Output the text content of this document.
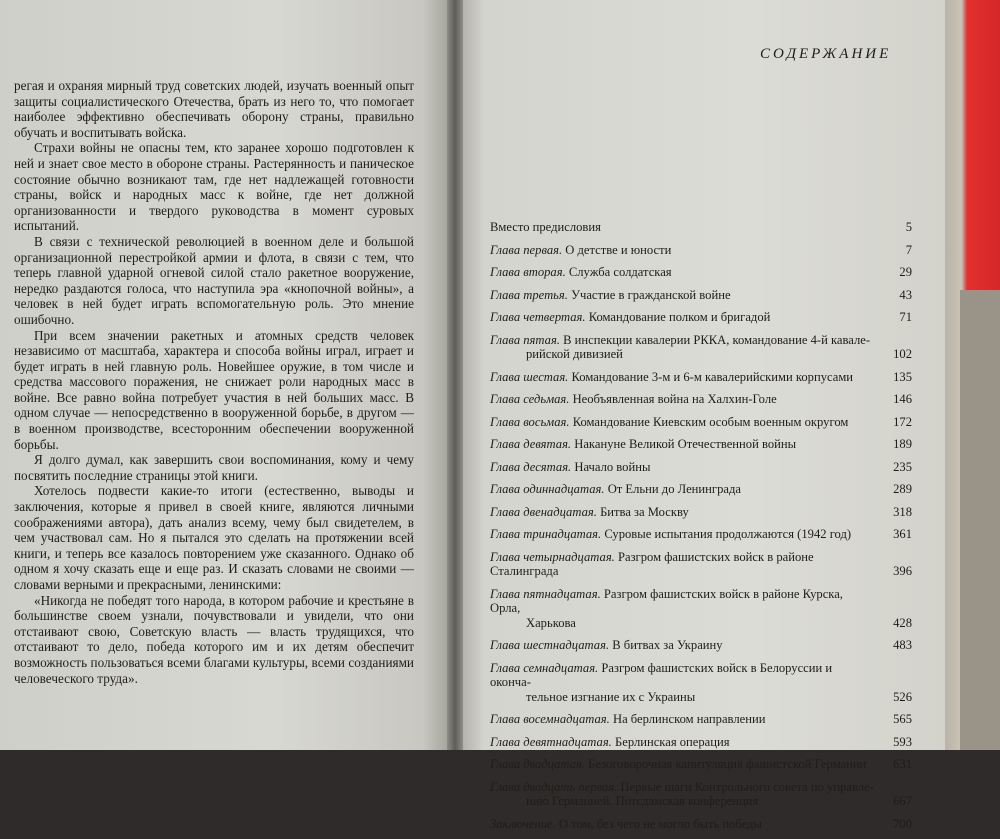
регая и охраняя мирный труд советских людей, изучать военный опыт защиты социалистического Отечества, брать из него то, что помогает наиболее эффективно обеспечивать оборону страны, правильно обучать и воспитывать войска.

Страхи войны не опасны тем, кто заранее хорошо подготовлен к ней и знает свое место в обороне страны. Растерянность и паническое состояние обычно возникают там, где нет надлежащей готовности страны, войск и народных масс к войне, где нет должной организованности и твердого руководства в момент суровых испытаний.

В связи с технической революцией в военном деле и большой организационной перестройкой армии и флота, в связи с тем, что теперь главной ударной огневой силой стало ракетное вооружение, нередко раздаются голоса, что наступила эра «кнопочной войны», а человек в ней будет играть вспомогательную роль. Это мнение ошибочно.

При всем значении ракетных и атомных средств человек независимо от масштаба, характера и способа войны играл, играет и будет играть в ней главную роль. Новейшее оружие, в том числе и средства массового поражения, не снижает роли народных масс в войне. Все равно война потребует участия в ней больших масс. В одном случае — непосредственно в вооруженной борьбе, в другом — в военном производстве, всесторонним обеспечении вооруженной борьбы.

Я долго думал, как завершить свои воспоминания, кому и чему посвятить последние страницы этой книги.

Хотелось подвести какие-то итоги (естественно, выводы и заключения, которые я привел в своей книге, являются личными соображениями автора), дать анализ всему, чему был свидетелем, в чем участвовал сам. Но я пытался это сделать на протяжении всей книги, и теперь все казалось повторением уже сказанного. Однако об одном я хочу сказать еще и еще раз. И сказать словами не своими — словами верными и прекрасными, ленинскими:

«Никогда не победят того народа, в котором рабочие и крестьяне в большинстве своем узнали, почувствовали и увидели, что они отстаивают свою, Советскую власть — власть трудящихся, что отстаивают то дело, победа которого им и их детям обеспечит возможность пользоваться всеми благами культуры, всеми созданиями человеческого труда».

СОДЕРЖАНИЕ
Вместо предисловия	5
Глава первая. О детстве и юности	7
Глава вторая. Служба солдатская	29
Глава третья. Участие в гражданской войне	43
Глава четвертая. Командование полком и бригадой	71
Глава пятая. В инспекции кавалерии РККА, командование 4-й кавале-
рийской дивизией	102
Глава шестая. Командование 3-м и 6-м кавалерийскими корпусами	135
Глава седьмая. Необъявленная война на Халхин-Голе	146
Глава восьмая. Командование Киевским особым военным округом	172
Глава девятая. Накануне Великой Отечественной войны	189
Глава десятая. Начало войны	235
Глава одиннадцатая. От Ельни до Ленинграда	289
Глава двенадцатая. Битва за Москву	318
Глава тринадцатая. Суровые испытания продолжаются (1942 год)	361
Глава четырнадцатая. Разгром фашистских войск в районе Сталинграда	396
Глава пятнадцатая. Разгром фашистских войск в районе Курска, Орла,
Харькова	428
Глава шестнадцатая. В битвах за Украину	483
Глава семнадцатая. Разгром фашистских войск в Белоруссии и оконча-
тельное изгнание их с Украины	526
Глава восемнадцатая. На берлинском направлении	565
Глава девятнадцатая. Берлинская операция	593
Глава двадцатая. Безоговорочная капитуляция фашистской Германии	631
Глава двадцать первая. Первые шаги Контрольного совета по управле-
нию Германией. Потсдамская конференция	667
Заключение. О том, без чего не могло быть победы	700
